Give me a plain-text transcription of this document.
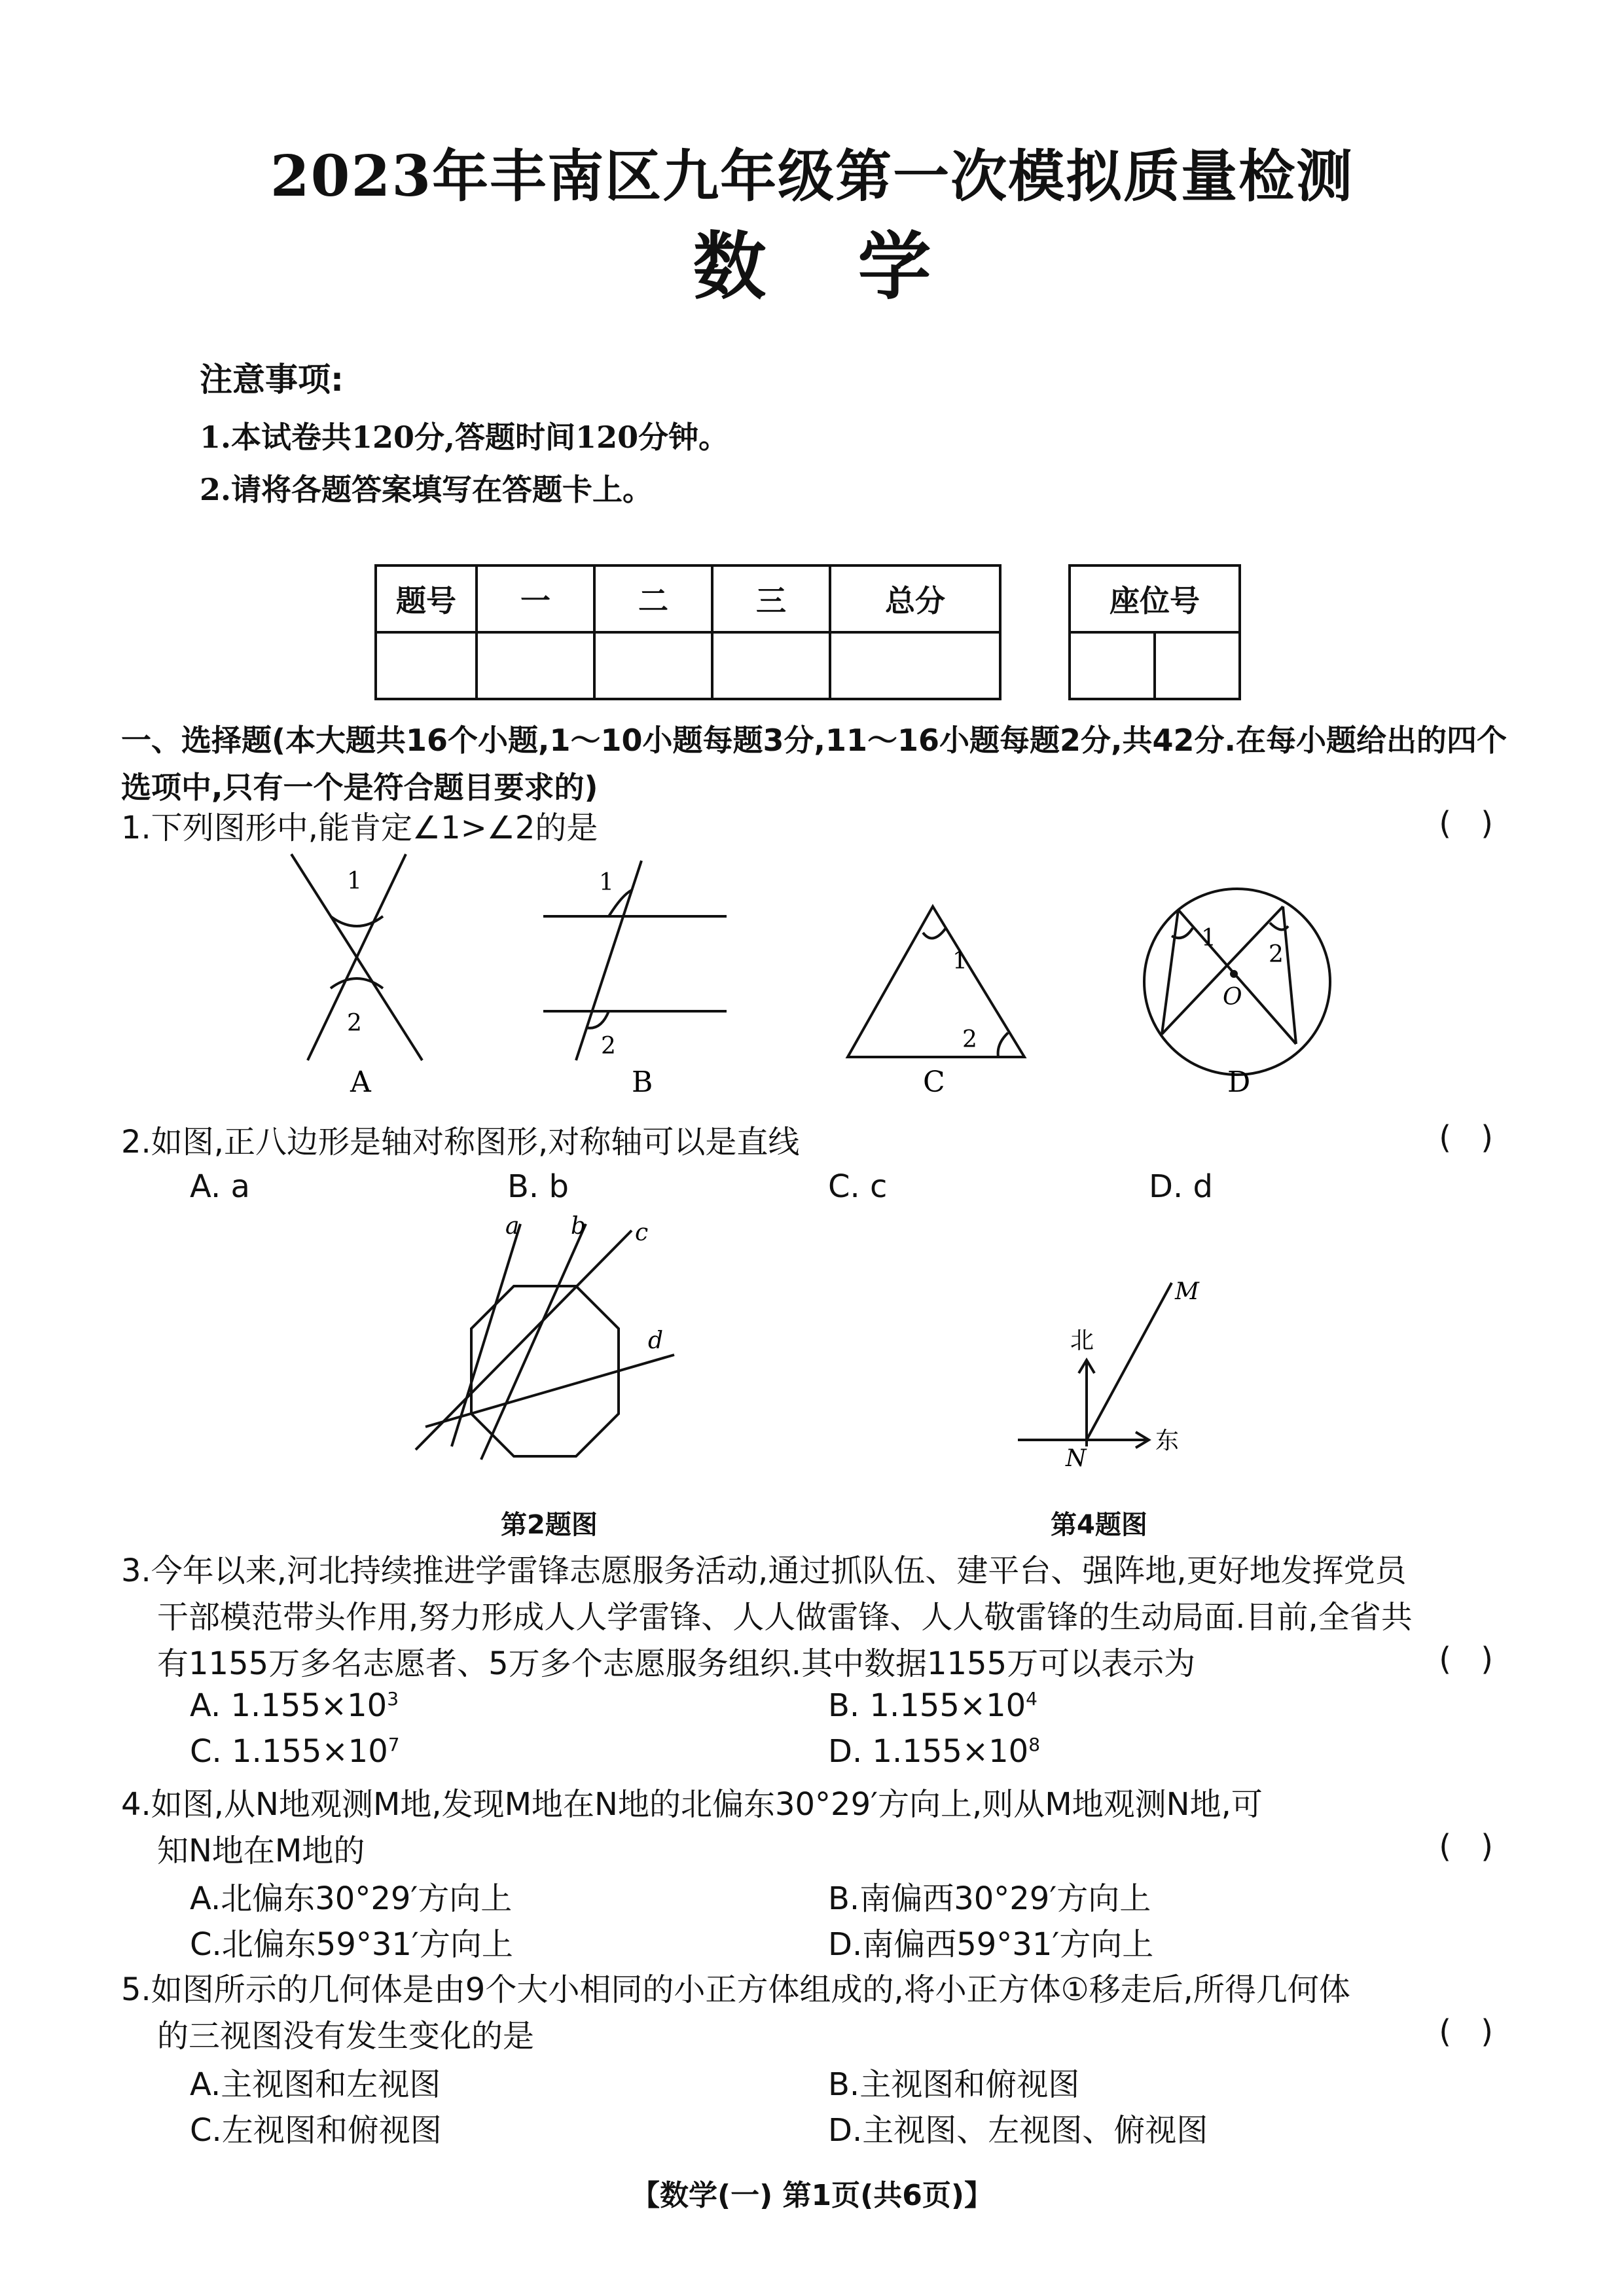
2023年丰南区九年级第一次模拟质量检测
数学
注意事项:
1.本试卷共120分,答题时间120分钟。
2.请将各题答案填写在答题卡上。
题号	一	二	三	总分
					座位号

一、选择题(本大题共16个小题,1～10小题每题3分,11～16小题每题2分,共42分.在每小题给出的四个选项中,只有一个是符合题目要求的)
1.下列图形中,能肯定∠1>∠2的是	( )
1
2
1
2
1
2
1
2
O
A	B	C	D
a b c
d	北
东
M
N
2.如图,正八边形是轴对称图形,对称轴可以是直线	( )
A. a	B. b	C. c	D. d
第2题图	第4题图
3.今年以来,河北持续推进学雷锋志愿服务活动,通过抓队伍、建平台、强阵地,更好地发挥党员
干部模范带头作用,努力形成人人学雷锋、人人做雷锋、人人敬雷锋的生动局面.目前,全省共
有1155万多名志愿者、5万多个志愿服务组织.其中数据1155万可以表示为	( )
A. $1.155\times 10^3$	B. $1.155\times 10^4$
C. $1.155\times 10^7$	D. $1.155\times 10^8$
4.如图,从N地观测M地,发现M地在N地的北偏东30°29′方向上,则从M地观测N地,可
知N地在M地的	( )
A.北偏东30°29′方向上	B.南偏西30°29′方向上
C.北偏东59°31′方向上	D.南偏西59°31′方向上
5.如图所示的几何体是由9个大小相同的小正方体组成的,将小正方体①移走后,所得几何体
的三视图没有发生变化的是	( )
A.主视图和左视图	B.主视图和俯视图
C.左视图和俯视图	D.主视图、左视图、俯视图
【数学(一) 第1页(共6页)】
